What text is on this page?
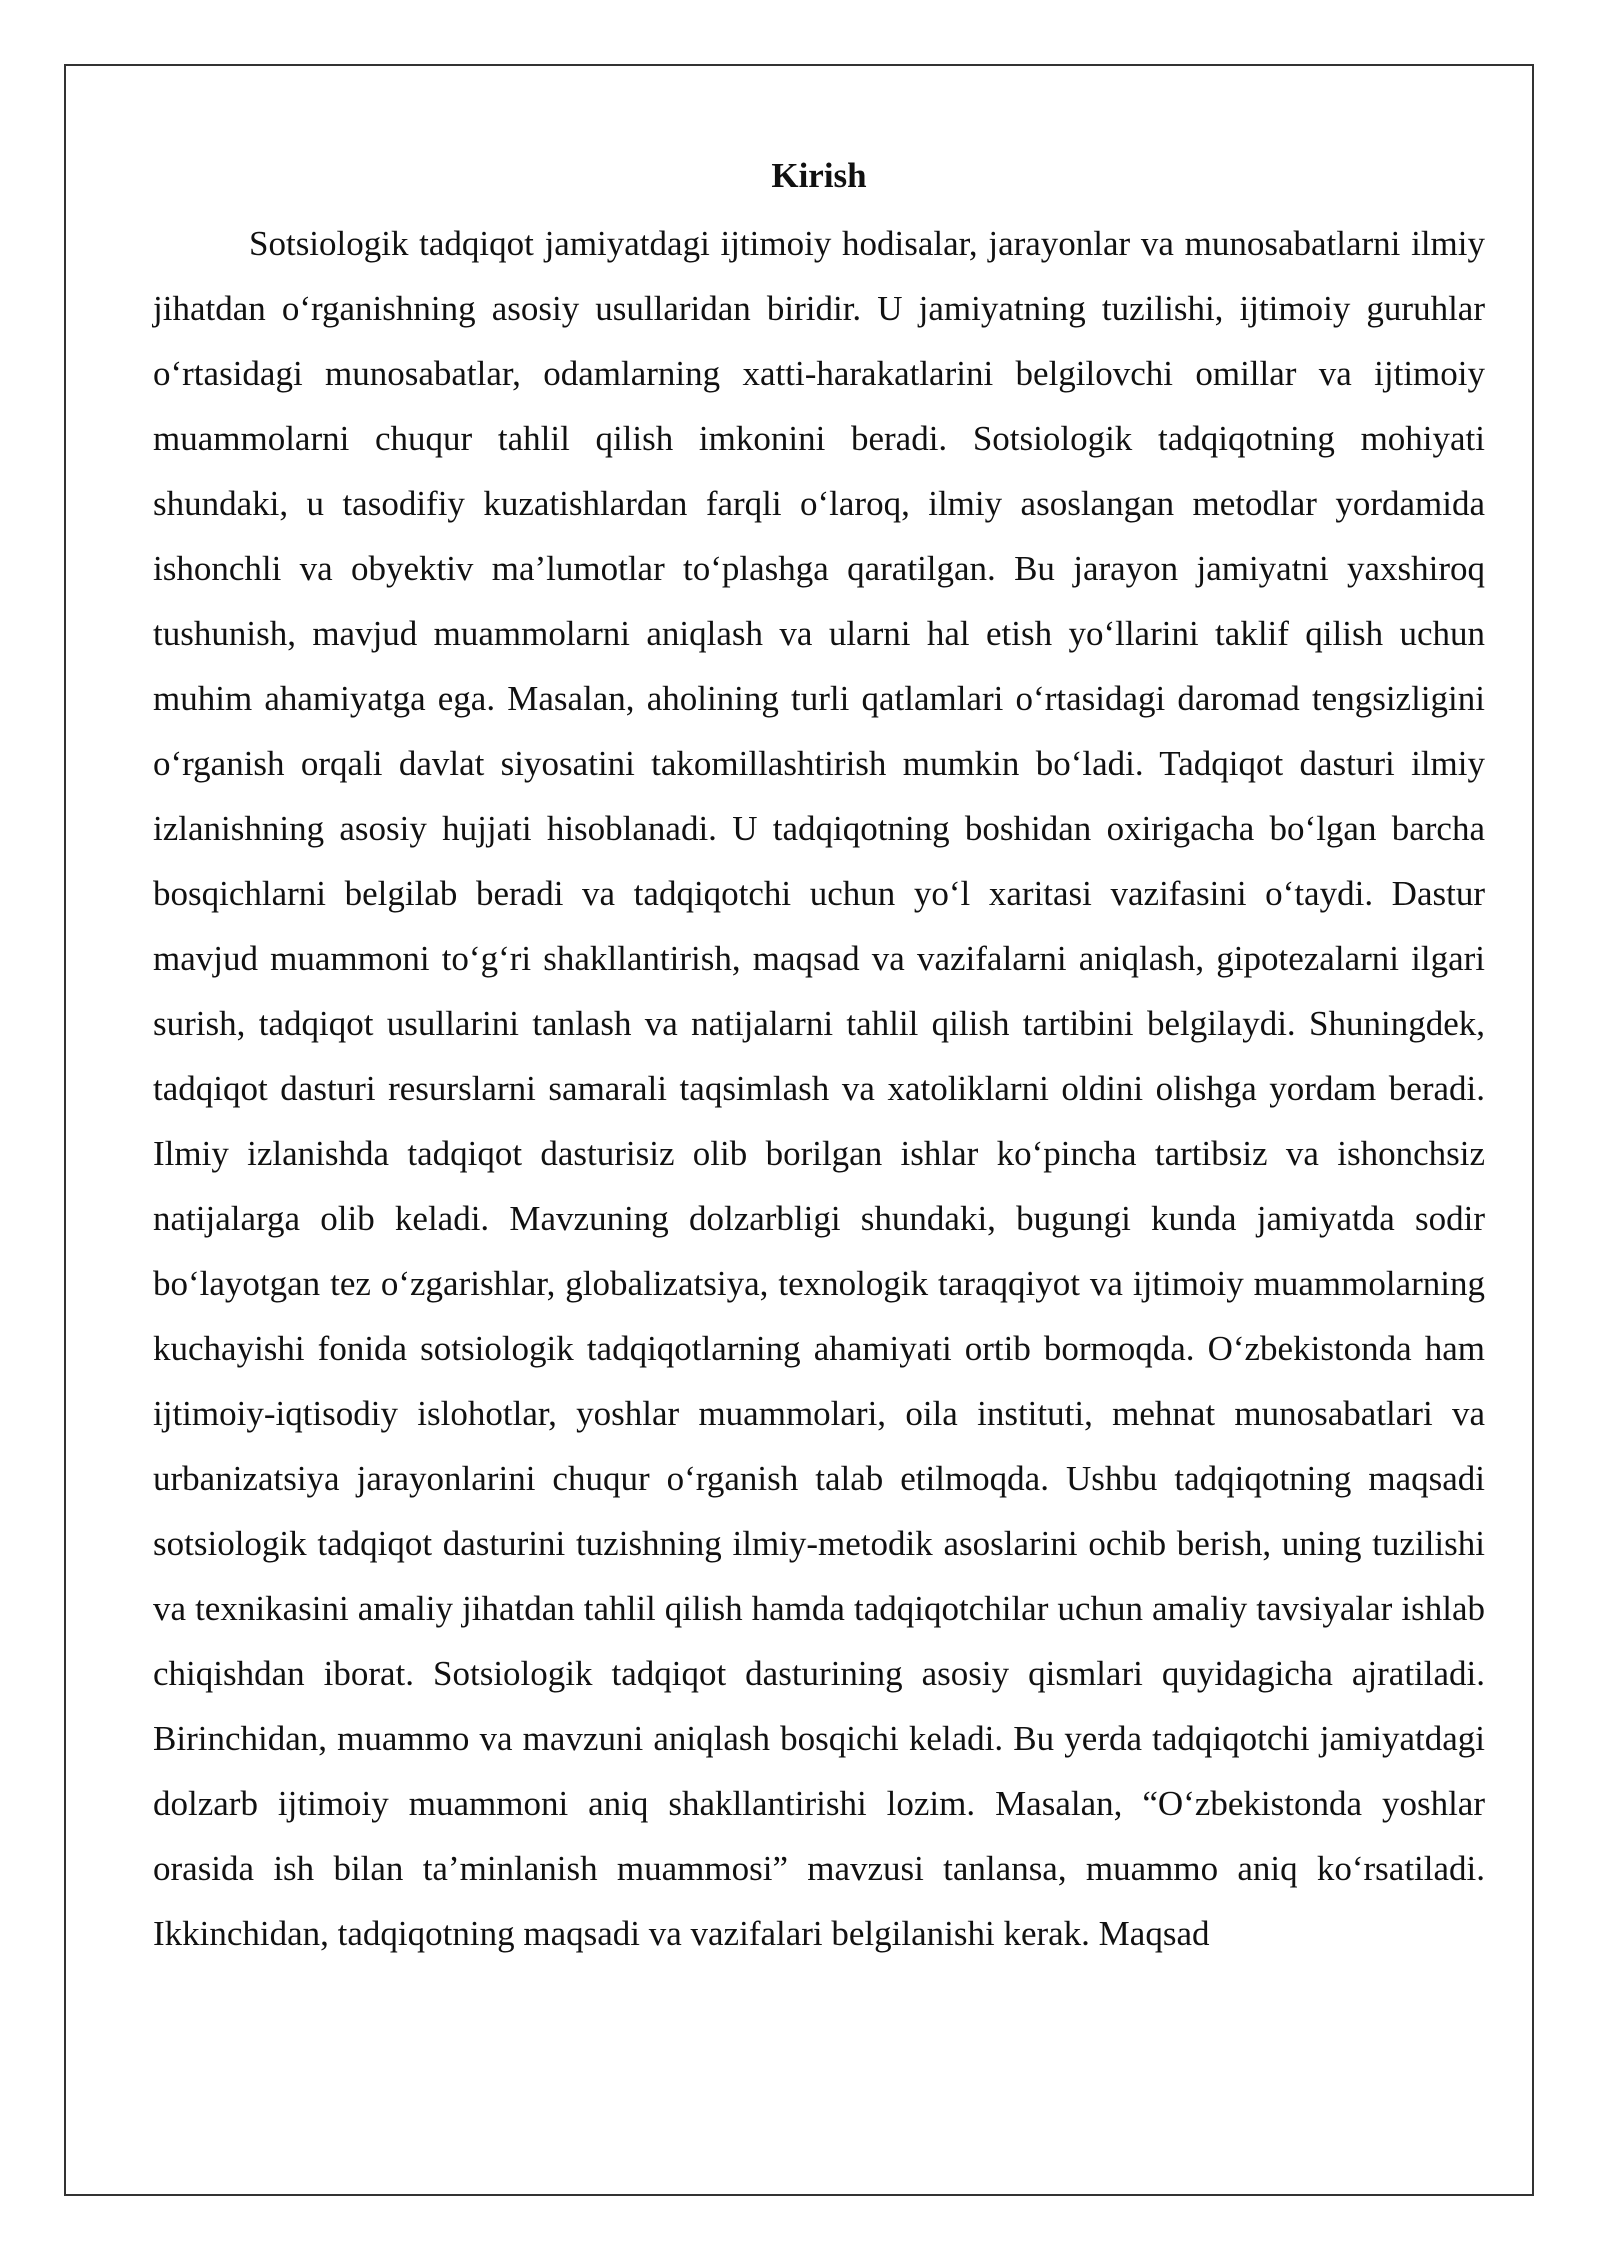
Kirish

Sotsiologik tadqiqot jamiyatdagi ijtimoiy hodisalar, jarayonlar va munosabatlarni ilmiy jihatdan o‘rganishning asosiy usullaridan biridir. U jamiyatning tuzilishi, ijtimoiy guruhlar o‘rtasidagi munosabatlar, odamlarning xatti-harakatlarini belgilovchi omillar va ijtimoiy muammolarni chuqur tahlil qilish imkonini beradi. Sotsiologik tadqiqotning mohiyati shundaki, u tasodifiy kuzatishlardan farqli o‘laroq, ilmiy asoslangan metodlar yordamida ishonchli va obyektiv ma’lumotlar to‘plashga qaratilgan. Bu jarayon jamiyatni yaxshiroq tushunish, mavjud muammolarni aniqlash va ularni hal etish yo‘llarini taklif qilish uchun muhim ahamiyatga ega. Masalan, aholining turli qatlamlari o‘rtasidagi daromad tengsizligini o‘rganish orqali davlat siyosatini takomillashtirish mumkin bo‘ladi. Tadqiqot dasturi ilmiy izlanishning asosiy hujjati hisoblanadi. U tadqiqotning boshidan oxirigacha bo‘lgan barcha bosqichlarni belgilab beradi va tadqiqotchi uchun yo‘l xaritasi vazifasini o‘taydi. Dastur mavjud muammoni to‘g‘ri shakllantirish, maqsad va vazifalarni aniqlash, gipotezalarni ilgari surish, tadqiqot usullarini tanlash va natijalarni tahlil qilish tartibini belgilaydi. Shuningdek, tadqiqot dasturi resurslarni samarali taqsimlash va xatoliklarni oldini olishga yordam beradi. Ilmiy izlanishda tadqiqot dasturisiz olib borilgan ishlar ko‘pincha tartibsiz va ishonchsiz natijalarga olib keladi. Mavzuning dolzarbligi shundaki, bugungi kunda jamiyatda sodir bo‘layotgan tez o‘zgarishlar, globalizatsiya, texnologik taraqqiyot va ijtimoiy muammolarning kuchayishi fonida sotsiologik tadqiqotlarning ahamiyati ortib bormoqda. O‘zbekistonda ham ijtimoiy-iqtisodiy islohotlar, yoshlar muammolari, oila instituti, mehnat munosabatlari va urbanizatsiya jarayonlarini chuqur o‘rganish talab etilmoqda. Ushbu tadqiqotning maqsadi sotsiologik tadqiqot dasturini tuzishning ilmiy-metodik asoslarini ochib berish, uning tuzilishi va texnikasini amaliy jihatdan tahlil qilish hamda tadqiqotchilar uchun amaliy tavsiyalar ishlab chiqishdan iborat. Sotsiologik tadqiqot dasturining asosiy qismlari quyidagicha ajratiladi. Birinchidan, muammo va mavzuni aniqlash bosqichi keladi. Bu yerda tadqiqotchi jamiyatdagi dolzarb ijtimoiy muammoni aniq shakllantirishi lozim. Masalan, “O‘zbekistonda yoshlar orasida ish bilan ta’minlanish muammosi” mavzusi tanlansa, muammo aniq ko‘rsatiladi. Ikkinchidan, tadqiqotning maqsadi va vazifalari belgilanishi kerak. Maqsad
